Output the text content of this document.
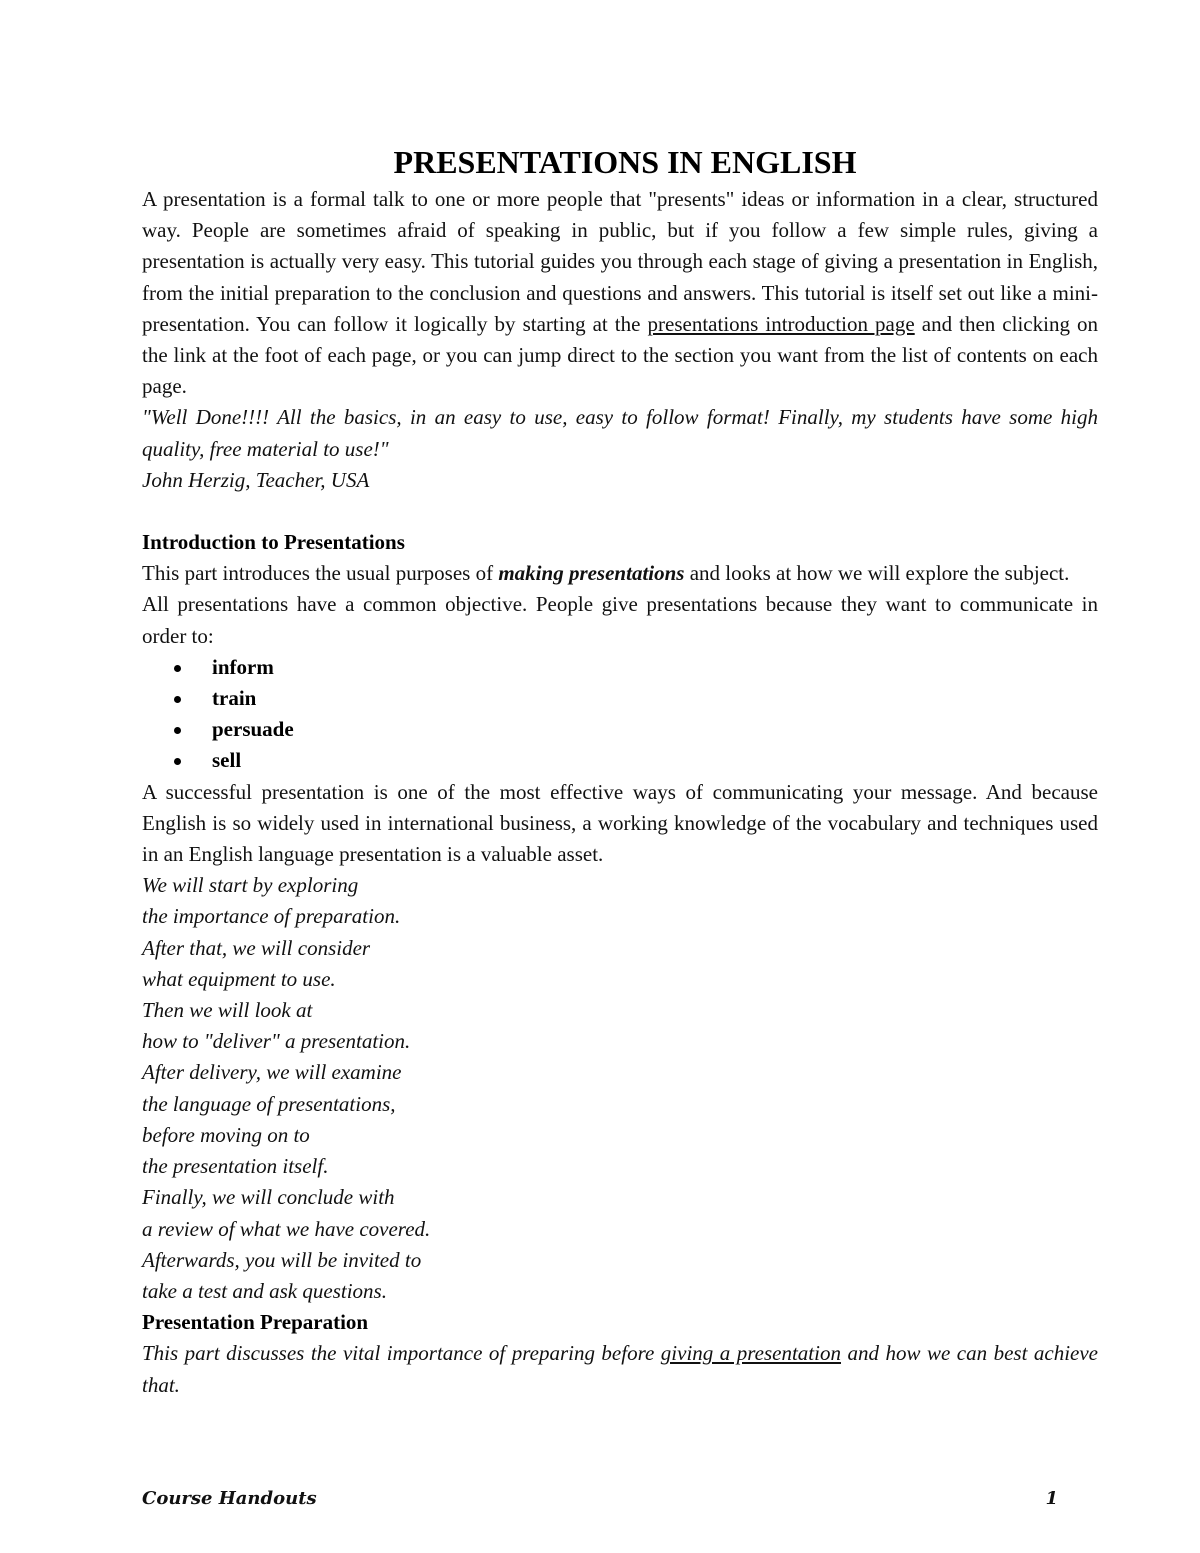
PRESENTATIONS IN ENGLISH

A presentation is a formal talk to one or more people that "presents" ideas or information in a clear, structured way. People are sometimes afraid of speaking in public, but if you follow a few simple rules, giving a presentation is actually very easy. This tutorial guides you through each stage of giving a presentation in English, from the initial preparation to the conclusion and questions and answers. This tutorial is itself set out like a mini-presentation. You can follow it logically by starting at the presentations introduction page and then clicking on the link at the foot of each page, or you can jump direct to the section you want from the list of contents on each page.

"Well Done!!!! All the basics, in an easy to use, easy to follow format! Finally, my students have some high quality, free material to use!"

John Herzig, Teacher, USA

Introduction to Presentations

This part introduces the usual purposes of making presentations and looks at how we will explore the subject.

All presentations have a common objective. People give presentations because they want to communicate in order to:

inform
train
persuade
sell

A successful presentation is one of the most effective ways of communicating your message. And because English is so widely used in international business, a working knowledge of the vocabulary and techniques used in an English language presentation is a valuable asset.

We will start by exploring

the importance of preparation.

After that, we will consider

what equipment to use.

Then we will look at

how to "deliver" a presentation.

After delivery, we will examine

the language of presentations,

before moving on to

the presentation itself.

Finally, we will conclude with

a review of what we have covered.

Afterwards, you will be invited to

take a test and ask questions.

Presentation Preparation

This part discusses the vital importance of preparing before giving a presentation and how we can best achieve that.

Course Handouts	1
